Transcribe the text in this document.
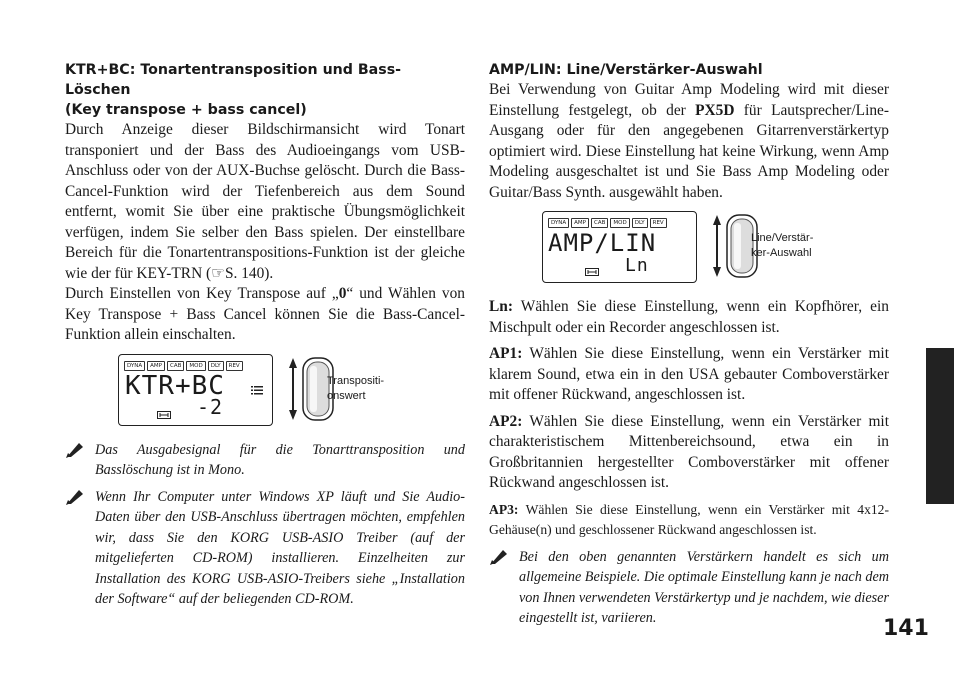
KTR+BC: Tonartentransposition und Bass-Löschen
(Key transpose + bass cancel)

Durch Anzeige dieser Bildschirmansicht wird Tonart transponiert und der Bass des Audioeingangs vom USB-Anschluss oder von der AUX-Buchse gelöscht. Durch die Bass-Cancel-Funktion wird der Tiefenbereich aus dem Sound entfernt, womit Sie über eine praktische Übungsmöglichkeit verfügen, indem Sie selber den Bass spielen. Der einstellbare Bereich für die Tonartentranspositions-Funktion ist der gleiche wie der für KEY-TRN (☞S. 140).

Durch Einstellen von Key Transpose auf „0“ und Wählen von Key Transpose + Bass Cancel können Sie die Bass-Cancel-Funktion allein einschalten.

DYNA	AMP	CAB	MOD	DLY	REV
KTR+BC
-2
Transpositi-
onswert

Das Ausgabesignal für die Tonarttransposition und Basslöschung ist in Mono.

Wenn Ihr Computer unter Windows XP läuft und Sie Audio-Daten über den USB-Anschluss übertragen möchten, empfehlen wir, dass Sie den KORG USB-ASIO Treiber (auf der mitgelieferten CD-ROM) installieren. Einzelheiten zur Installation des KORG USB-ASIO-Treibers siehe „Installation der Software“ auf der beliegenden CD-ROM.

AMP/LIN: Line/Verstärker-Auswahl

Bei Verwendung von Guitar Amp Modeling wird mit dieser Einstellung festgelegt, ob der PX5D für Lautsprecher/Line-Ausgang oder für den angegebenen Gitarrenverstärkertyp optimiert wird. Diese Einstellung hat keine Wirkung, wenn Amp Modeling ausgeschaltet ist und Sie Bass Amp Modeling oder Guitar/Bass Synth. ausgewählt haben.

DYNA	AMP	CAB	MOD	DLY	REV
AMP/LIN
Ln
Line/Verstär-
ker-Auswahl

Ln: Wählen Sie diese Einstellung, wenn ein Kopfhörer, ein Mischpult oder ein Recorder angeschlossen ist.

AP1: Wählen Sie diese Einstellung, wenn ein Verstärker mit klarem Sound, etwa ein in den USA gebauter Comboverstärker mit offener Rückwand, angeschlossen ist.

AP2: Wählen Sie diese Einstellung, wenn ein Verstärker mit charakteristischem Mittenbereichsound, etwa ein in Großbritannien hergestellter Comboverstärker mit offener Rückwand angeschlossen ist.

AP3: Wählen Sie diese Einstellung, wenn ein Verstärker mit 4x12-Gehäuse(n) und geschlossener Rückwand angeschlossen ist.

Bei den oben genannten Verstärkern handelt es sich um allgemeine Beispiele. Die optimale Einstellung kann je nach dem von Ihnen verwendeten Verstärkertyp und je nachdem, wie dieser eingestellt ist, variieren.	141
